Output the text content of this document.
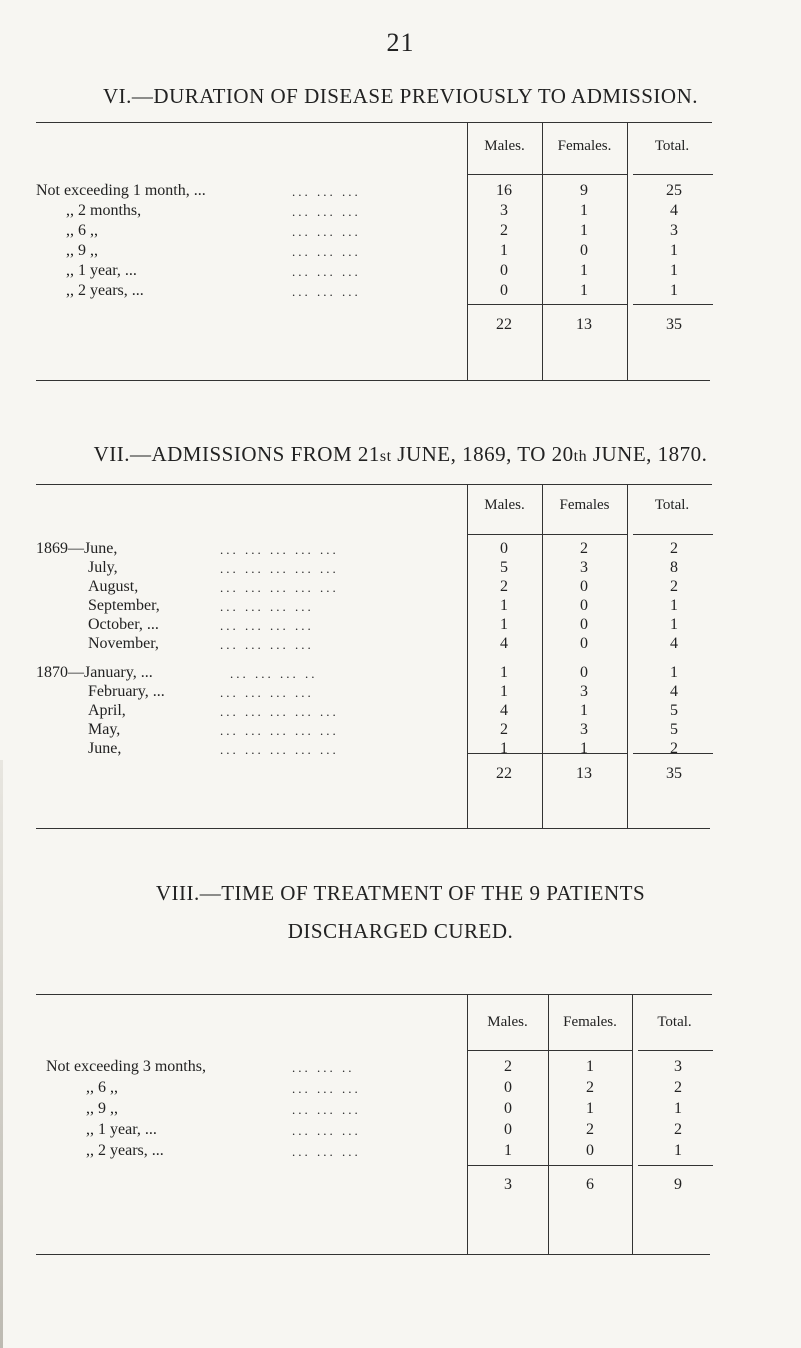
21
VI.—DURATION OF DISEASE PREVIOUSLY TO ADMISSION.
Males.	Females.	Total.
Not exceeding 1 month, ...	... ... ...	16	9	25
,, 2 months,	... ... ...	3	1	4
,, 6 ,,	... ... ...	2	1	3
,, 9 ,,	... ... ...	1	0	1
,, 1 year, ...	... ... ...	0	1	1
,, 2 years, ...	... ... ...	0	1	1
22	13	35
VII.—ADMISSIONS FROM 21st JUNE, 1869, TO 20th JUNE, 1870.
Males.	Females	Total.
1869—June,	... ... ... ... ...	0	2	2
July,	... ... ... ... ...	5	3	8
August,	... ... ... ... ...	2	0	2
September,	... ... ... ...	1	0	1
October, ...	... ... ... ...	1	0	1
November,	... ... ... ...	4	0	4
1870—January, ...	... ... ... ..	1	0	1
February, ...	... ... ... ...	1	3	4
April,	... ... ... ... ...	4	1	5
May,	... ... ... ... ...	2	3	5
June,	... ... ... ... ...	1	1	2
22	13	35
VIII.—TIME OF TREATMENT OF THE 9 PATIENTS
DISCHARGED CURED.
Males.	Females.	Total.
Not exceeding 3 months,	... ... ..	2	1	3
,, 6 ,,	... ... ...	0	2	2
,, 9 ,,	... ... ...	0	1	1
,, 1 year, ...	... ... ...	0	2	2
,, 2 years, ...	... ... ...	1	0	1
3	6	9
